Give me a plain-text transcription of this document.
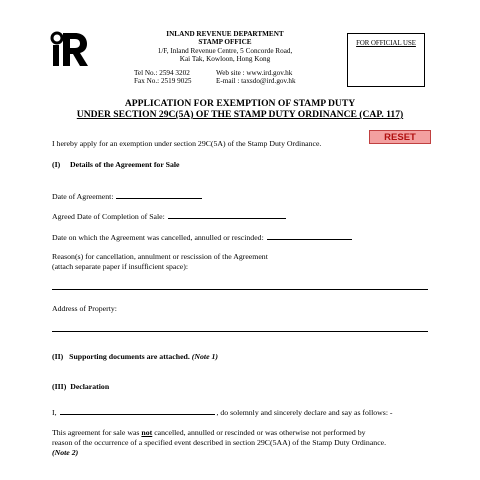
INLAND REVENUE DEPARTMENT
STAMP OFFICE
1/F, Inland Revenue Centre, 5 Concorde Road,
Kai Tak, Kowloon, Hong Kong
Tel No.: 2594 3202	Web site : www.ird.gov.hk
Fax No.: 2519 9025	E-mail : taxsdo@ird.gov.hk
FOR OFFICIAL USE
APPLICATION FOR EXEMPTION OF STAMP DUTY
UNDER SECTION 29C(5A) OF THE STAMP DUTY ORDINANCE (CAP. 117)
RESET
I hereby apply for an exemption under section 29C(5A) of the Stamp Duty Ordinance.
(I)     Details of the Agreement for Sale
Date of Agreement:
Agreed Date of Completion of Sale:
Date on which the Agreement was cancelled, annulled or rescinded:
Reason(s) for cancellation, annulment or rescission of the Agreement
(attach separate paper if insufficient space):
Address of Property:
(II)   Supporting documents are attached. (Note 1)
(III)  Declaration
I,	, do solemnly and sincerely declare and say as follows: -
This agreement for sale was not cancelled, annulled or rescinded or was otherwise not performed by
reason of the occurrence of a specified event described in section 29C(5AA) of the Stamp Duty Ordinance.
(Note 2)
